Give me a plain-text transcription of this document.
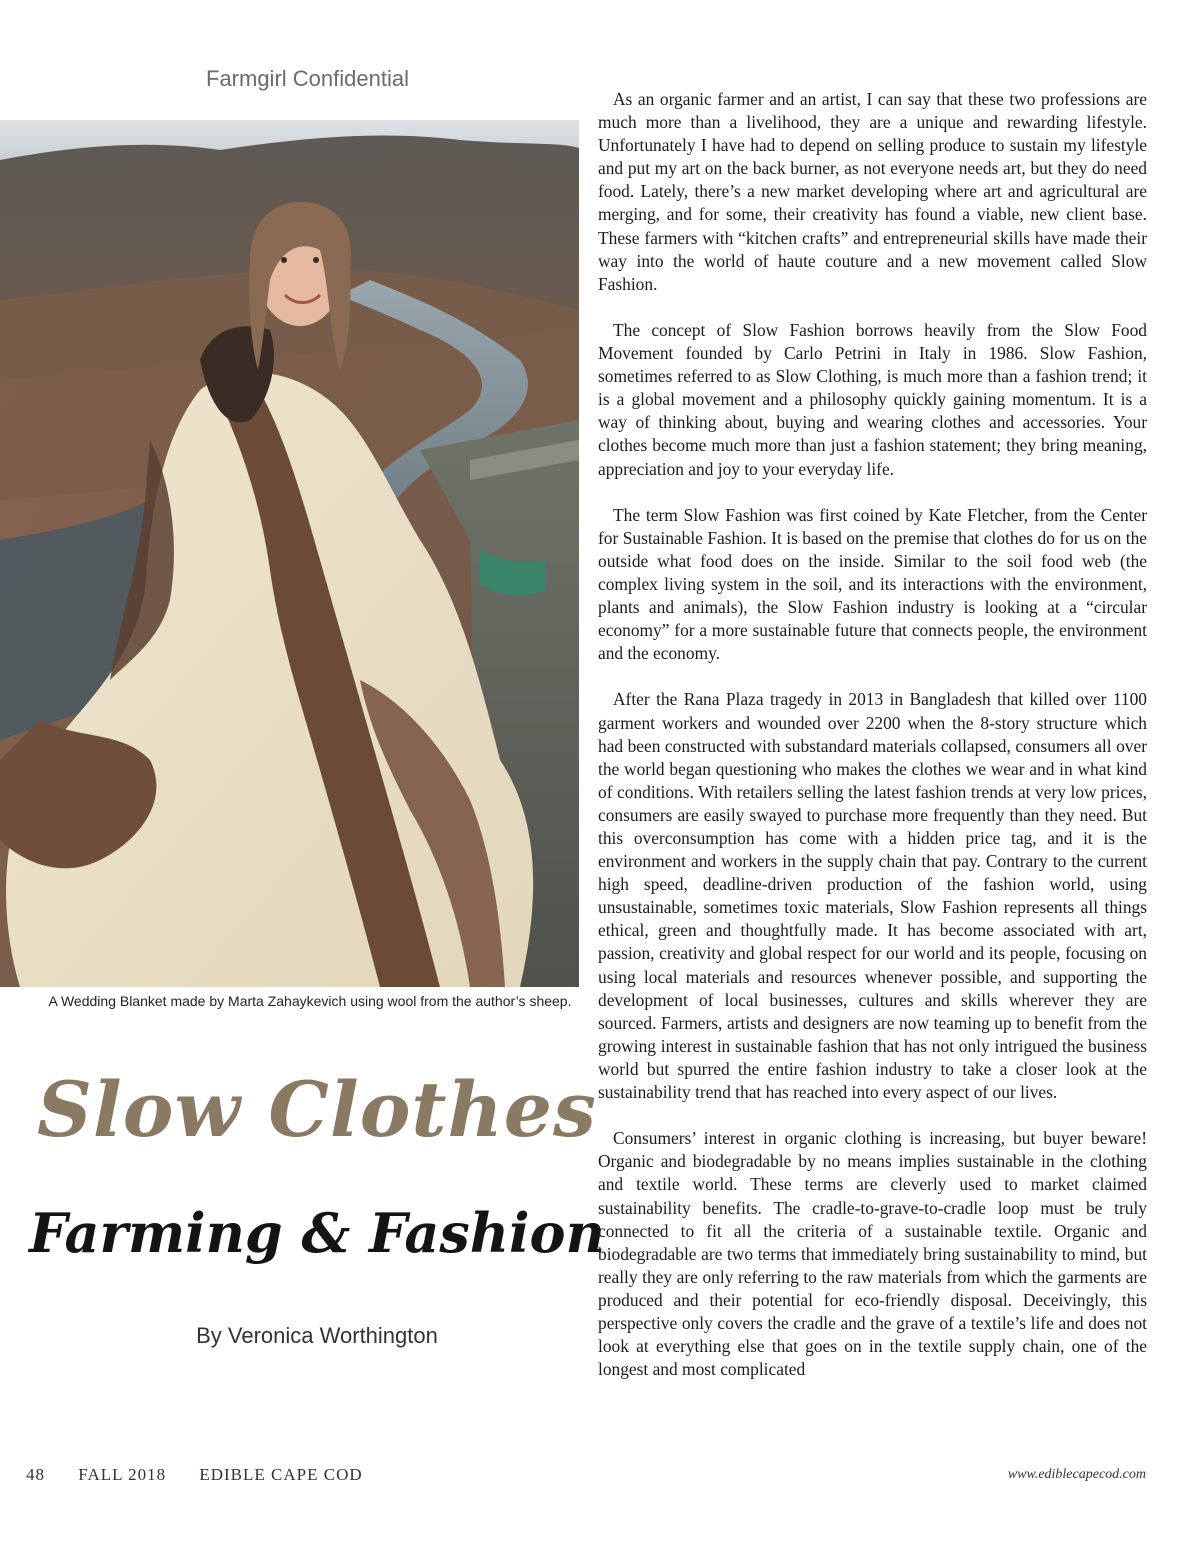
Farmgirl Confidential
A Wedding Blanket made by Marta Zahaykevich using wool from the author’s sheep.
Slow Clothes
Farming & Fashion
By Veronica Worthington

As an organic farmer and an artist, I can say that these two professions are much more than a livelihood, they are a unique and rewarding lifestyle. Unfortunately I have had to depend on selling produce to sustain my lifestyle and put my art on the back burner, as not everyone needs art, but they do need food. Lately, there’s a new market developing where art and agricultural are merging, and for some, their creativity has found a viable, new client base. These farmers with “kitchen crafts” and entrepreneurial skills have made their way into the world of haute couture and a new movement called Slow Fashion.

The concept of Slow Fashion borrows heavily from the Slow Food Movement founded by Carlo Petrini in Italy in 1986. Slow Fashion, sometimes referred to as Slow Clothing, is much more than a fashion trend; it is a global movement and a philosophy quickly gaining momentum. It is a way of thinking about, buying and wearing clothes and accessories. Your clothes become much more than just a fashion statement; they bring meaning, appreciation and joy to your everyday life.

The term Slow Fashion was first coined by Kate Fletcher, from the Center for Sustainable Fashion. It is based on the premise that clothes do for us on the outside what food does on the inside. Similar to the soil food web (the complex living system in the soil, and its interactions with the environment, plants and animals), the Slow Fashion industry is looking at a “circular economy” for a more sustainable future that connects people, the environment and the economy.

After the Rana Plaza tragedy in 2013 in Bangladesh that killed over 1100 garment workers and wounded over 2200 when the 8-story structure which had been constructed with substandard materials collapsed, consumers all over the world began questioning who makes the clothes we wear and in what kind of conditions. With retailers selling the latest fashion trends at very low prices, consumers are easily swayed to purchase more frequently than they need. But this overconsumption has come with a hidden price tag, and it is the environment and workers in the supply chain that pay. Contrary to the current high speed, deadline-driven production of the fashion world, using unsustainable, sometimes toxic materials, Slow Fashion represents all things ethical, green and thoughtfully made. It has become associated with art, passion, creativity and global respect for our world and its people, focusing on using local materials and resources whenever possible, and supporting the development of local businesses, cultures and skills wherever they are sourced. Farmers, artists and designers are now teaming up to benefit from the growing interest in sustainable fashion that has not only intrigued the business world but spurred the entire fashion industry to take a closer look at the sustainability trend that has reached into every aspect of our lives.

Consumers’ interest in organic clothing is increasing, but buyer beware! Organic and biodegradable by no means implies sustainable in the clothing and textile world. These terms are cleverly used to market claimed sustainability benefits. The cradle-to-grave-to-cradle loop must be truly connected to fit all the criteria of a sustainable textile. Organic and biodegradable are two terms that immediately bring sustainability to mind, but really they are only referring to the raw materials from which the garments are produced and their potential for eco-friendly disposal. Deceivingly, this perspective only covers the cradle and the grave of a textile’s life and does not look at everything else that goes on in the textile supply chain, one of the longest and most complicated

48 FALL 2018 EDIBLE CAPE COD	www.ediblecapecod.com
